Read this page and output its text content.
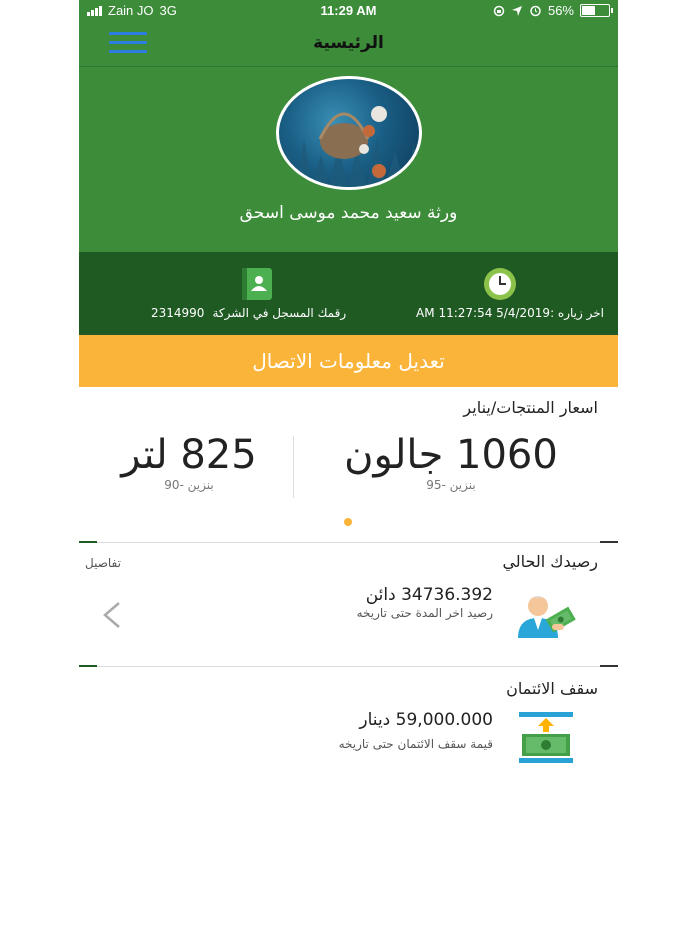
Zain JO 3G	11:29 AM	56%
الرئيسية
ورثة سعيد محمد موسى اسحق
اخر زياره :5/4/2019 11:27:54 AM
رقمك المسجل في الشركة
2314990
تعديل معلومات الاتصال
اسعار المنتجات/يناير
1060 جالون
بنزين -95
825 لتر
بنزين -90
رصيدك الحالي
تفاصيل
34736.392 دائن
رصيد اخر المدة حتى تاريخه
سقف الائتمان
59,000.000 دينار
قيمة سقف الائتمان حتى تاريخه
